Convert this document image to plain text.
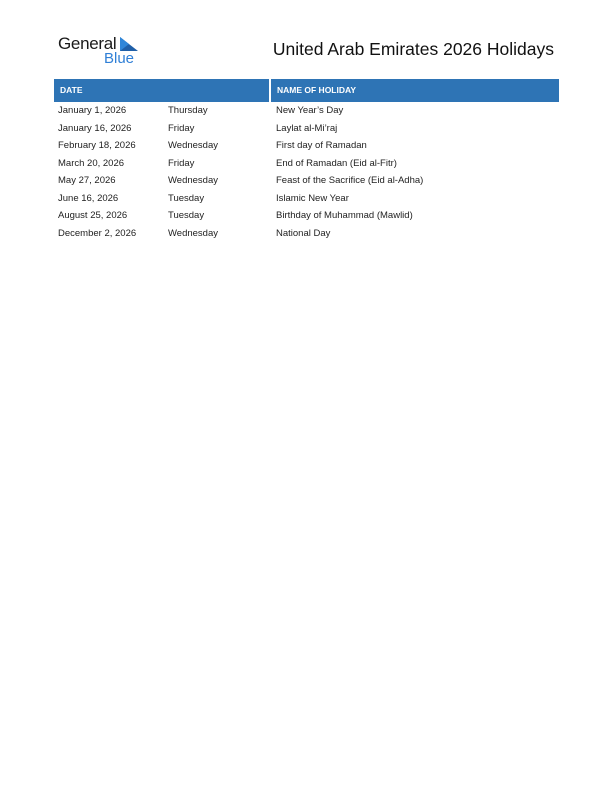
General
Blue	United Arab Emirates 2026 Holidays
DATE	NAME OF HOLIDAY
January 1, 2026	Thursday	New Year’s Day
January 16, 2026	Friday	Laylat al-Mi’raj
February 18, 2026	Wednesday	First day of Ramadan
March 20, 2026	Friday	End of Ramadan (Eid al-Fitr)
May 27, 2026	Wednesday	Feast of the Sacrifice (Eid al-Adha)
June 16, 2026	Tuesday	Islamic New Year
August 25, 2026	Tuesday	Birthday of Muhammad (Mawlid)
December 2, 2026	Wednesday	National Day
